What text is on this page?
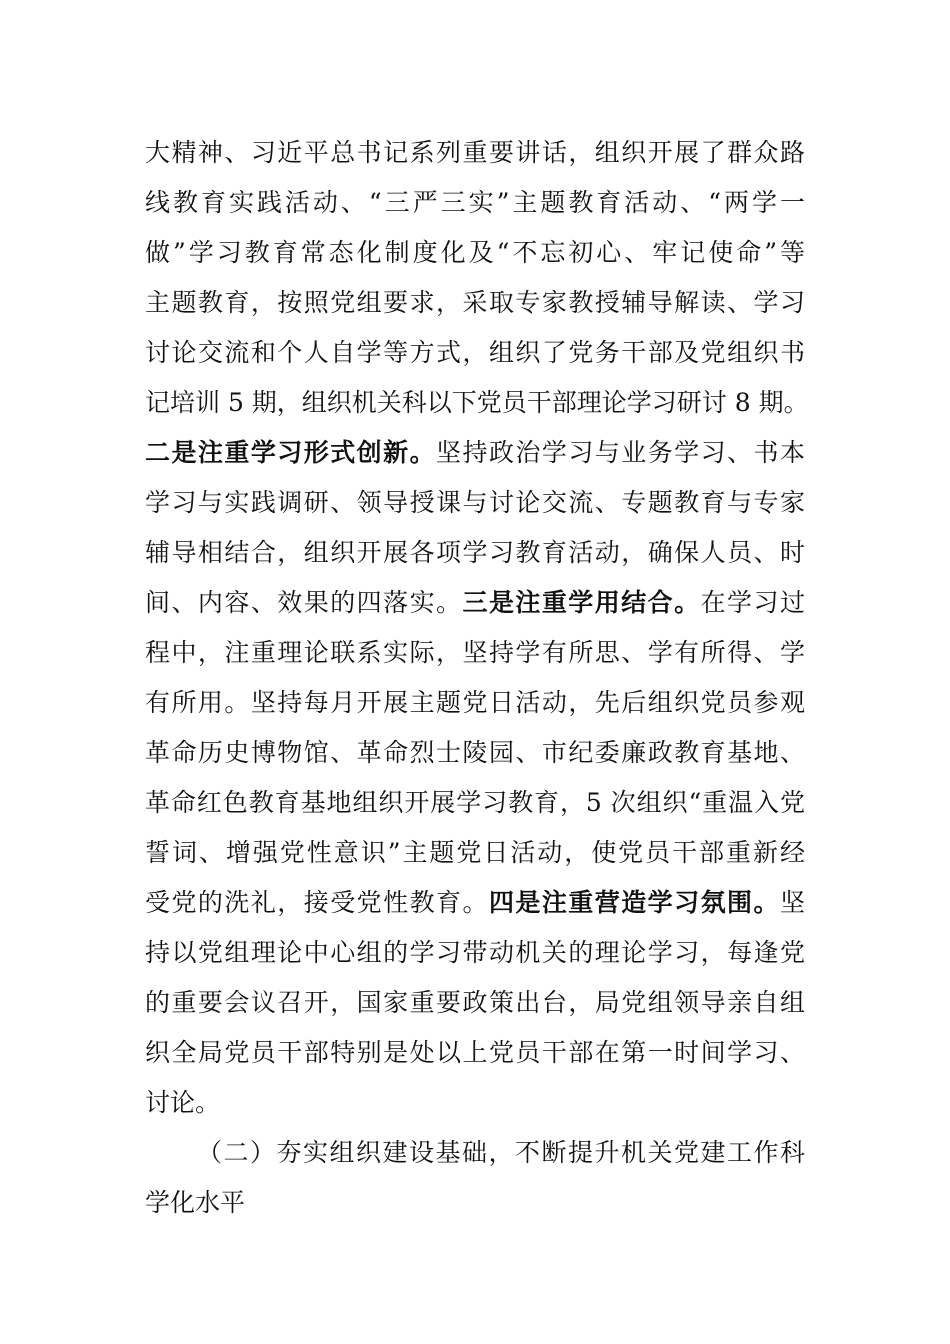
大精神、习近平总书记系列重要讲话，组织开展了群众路
线教育实践活动、“三严三实”主题教育活动、“两学一
做”学习教育常态化制度化及“不忘初心、牢记使命”等
主题教育，按照党组要求，采取专家教授辅导解读、学习
讨论交流和个人自学等方式，组织了党务干部及党组织书
记培训 5 期，组织机关科以下党员干部理论学习研讨 8 期。
二是注重学习形式创新。坚持政治学习与业务学习、书本
学习与实践调研、领导授课与讨论交流、专题教育与专家
辅导相结合，组织开展各项学习教育活动，确保人员、时
间、内容、效果的四落实。三是注重学用结合。在学习过
程中，注重理论联系实际，坚持学有所思、学有所得、学
有所用。坚持每月开展主题党日活动，先后组织党员参观
革命历史博物馆、革命烈士陵园、市纪委廉政教育基地、
革命红色教育基地组织开展学习教育，5 次组织“重温入党
誓词、增强党性意识”主题党日活动，使党员干部重新经
受党的洗礼，接受党性教育。四是注重营造学习氛围。坚
持以党组理论中心组的学习带动机关的理论学习，每逢党
的重要会议召开，国家重要政策出台，局党组领导亲自组
织全局党员干部特别是处以上党员干部在第一时间学习、
讨论。
（二）夯实组织建设基础，不断提升机关党建工作科
学化水平
